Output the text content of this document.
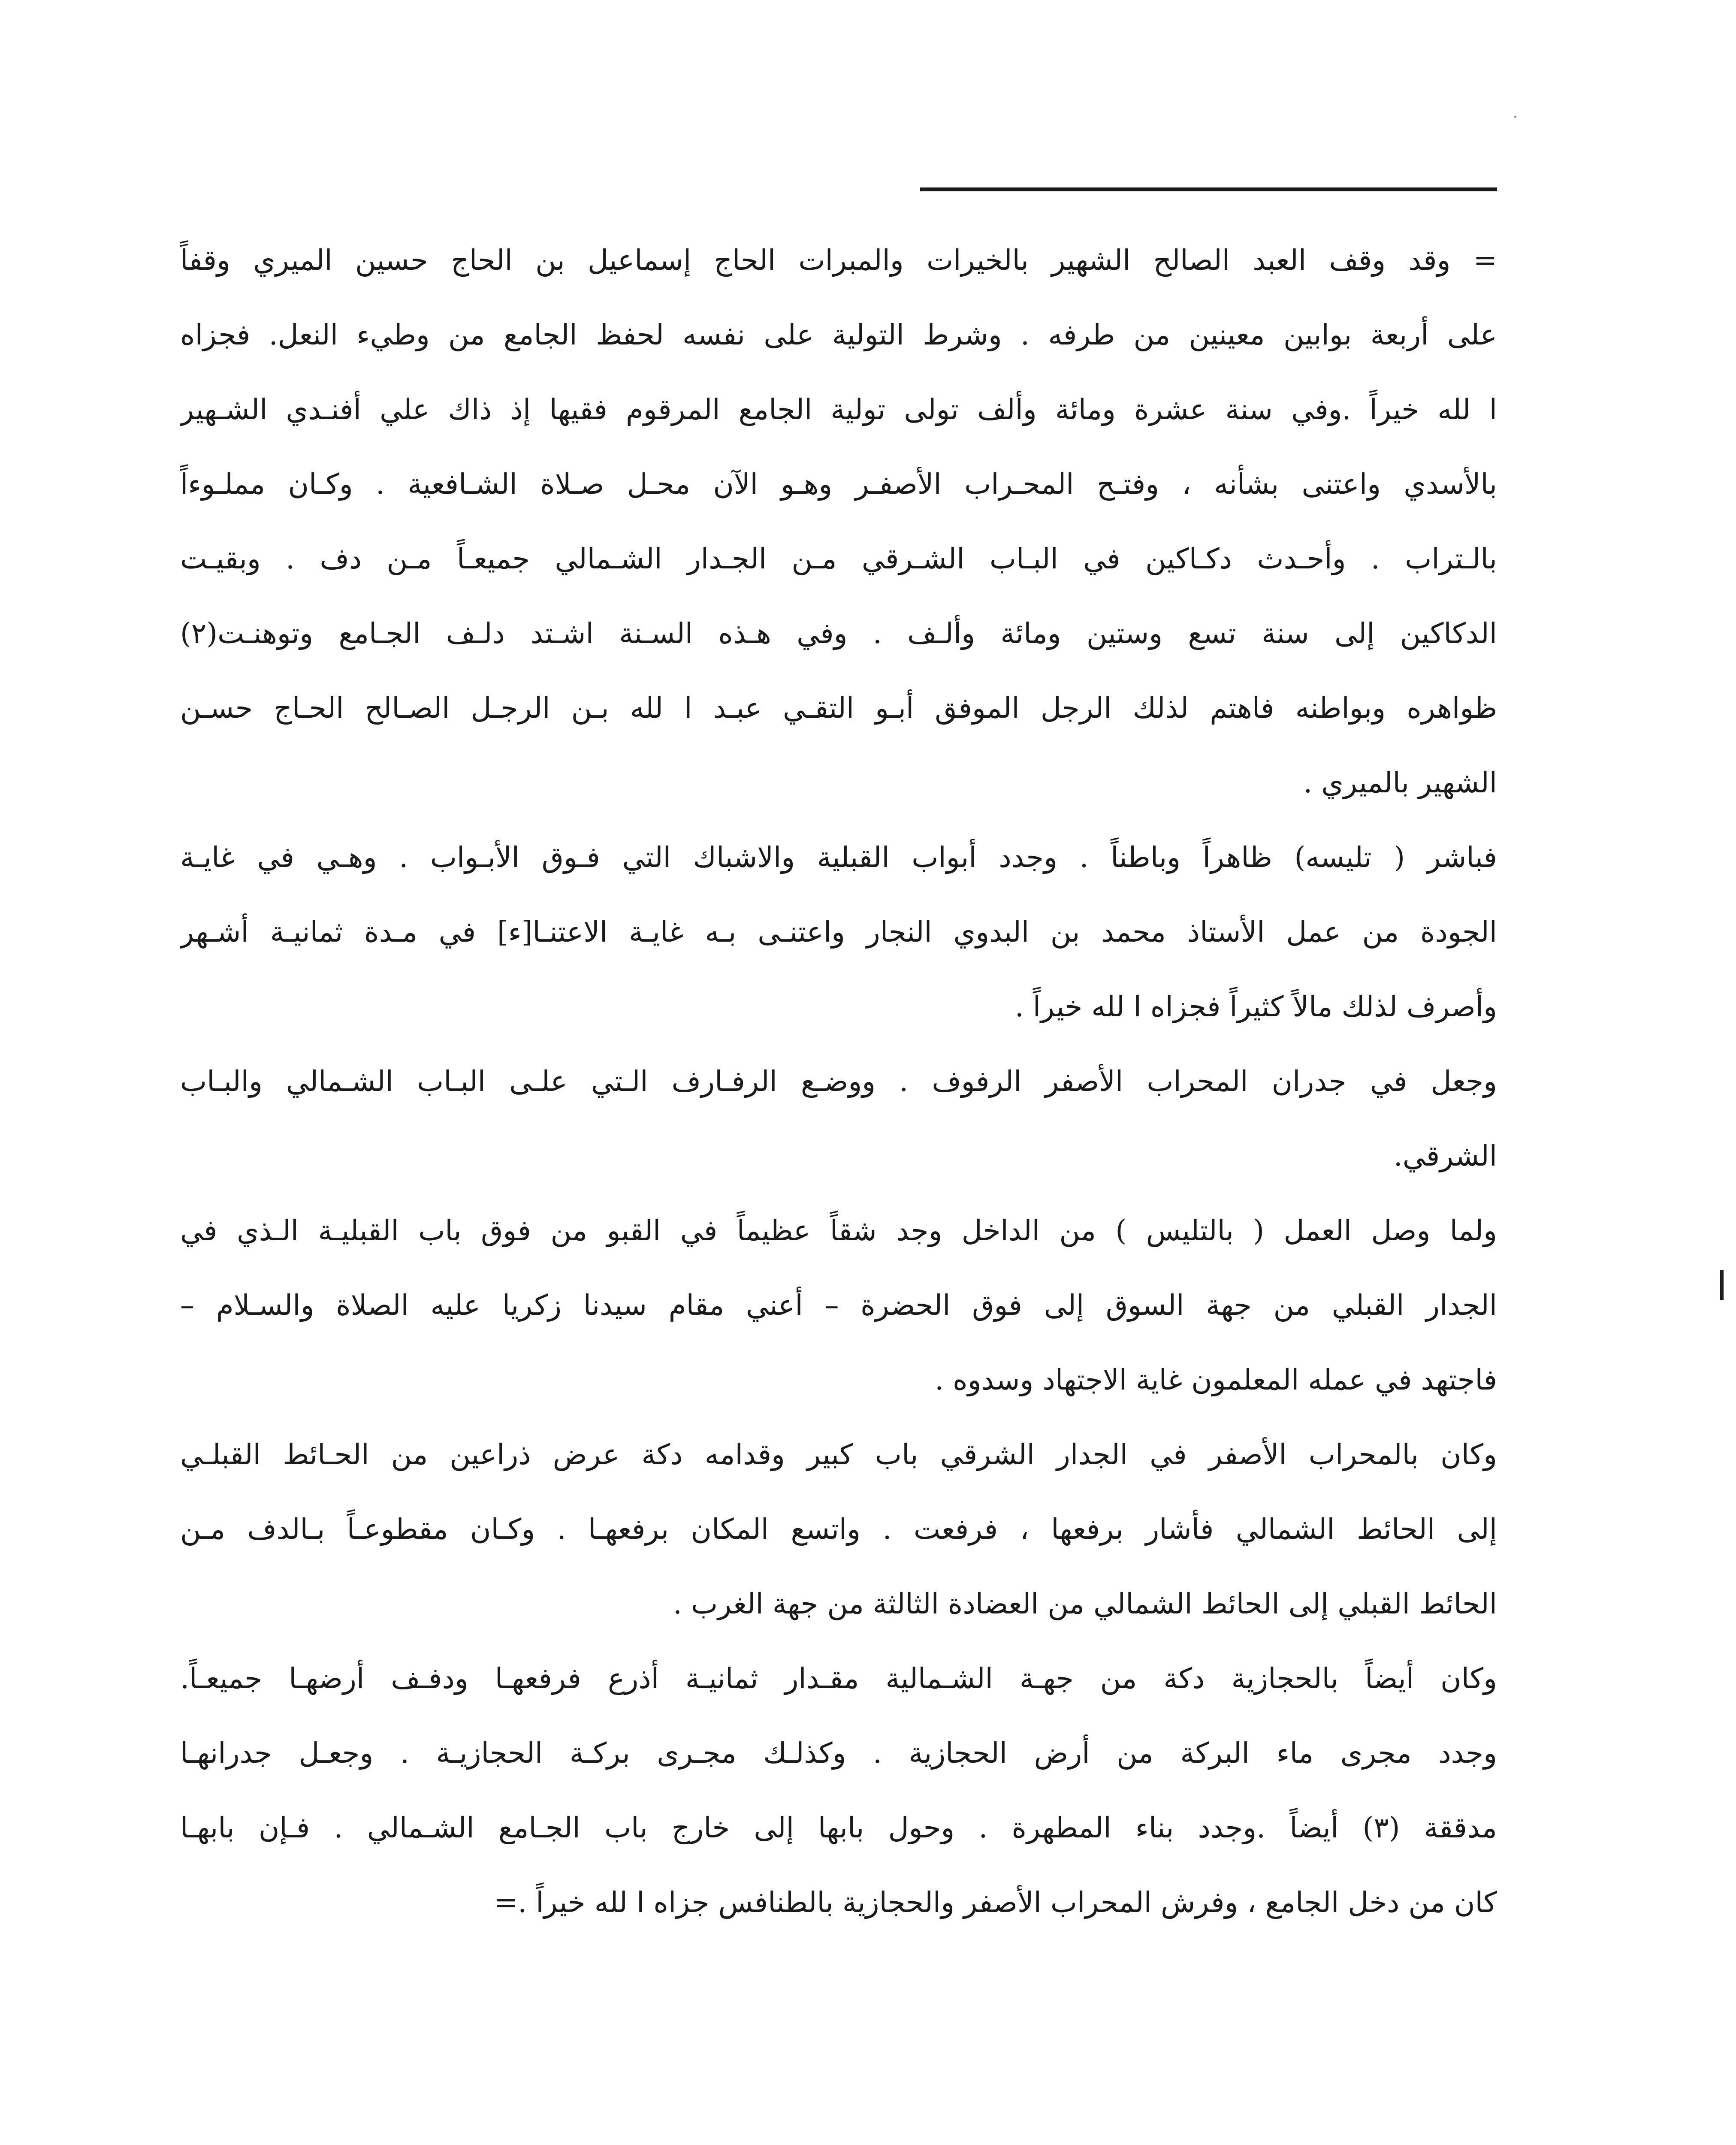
= وقد وقف العبد الصالح الشهير بالخيرات والمبرات الحاج إسماعيل بن الحاج حسين الميري وقفاً
على أربعة بوابين معينين من طرفه . وشرط التولية على نفسه لحفظ الجامع من وطيء النعل. فجزاه
ا لله خيراً .وفي سنة عشرة ومائة وألف تولى تولية الجامع المرقوم فقيها إذ ذاك علي أفنـدي الشـهير
بالأسدي واعتنى بشأنه ، وفتـح المحـراب الأصفـر وهـو الآن محـل صـلاة الشـافعية . وكـان مملـوءاً
بالـتراب . وأحـدث دكـاكين في البـاب الشـرقي مـن الجـدار الشـمالي جميعـاً مـن دف . وبقيـت
الدكاكين إلى سنة تسع وستين ومائة وألـف . وفي هـذه السـنة اشـتد دلـف الجـامع وتوهنـت(٢)
ظواهره وبواطنه فاهتم لذلك الرجل الموفق أبـو التقـي عبـد ا لله بـن الرجـل الصـالح الحـاج حسـن
الشهير بالميري .
فباشر ( تليسه) ظاهراً وباطناً . وجدد أبواب القبلية والاشباك التي فـوق الأبـواب . وهـي في غايـة
الجودة من عمل الأستاذ محمد بن البدوي النجار واعتنـى بـه غايـة الاعتنـا[ء] في مـدة ثمانيـة أشـهر
وأصرف لذلك مالاً كثيراً فجزاه ا لله خيراً .
وجعل في جدران المحراب الأصفر الرفوف . ووضـع الرفـارف الـتي علـى البـاب الشـمالي والبـاب
الشرقي.
ولما وصل العمل ( بالتليس ) من الداخل وجد شقاً عظيماً في القبو من فوق باب القبليـة الـذي في
الجدار القبلي من جهة السوق إلى فوق الحضرة – أعني مقام سيدنا زكريا عليه الصلاة والسـلام –
فاجتهد في عمله المعلمون غاية الاجتهاد وسدوه .
وكان بالمحراب الأصفر في الجدار الشرقي باب كبير وقدامه دكة عرض ذراعين من الحـائط القبلـي
إلى الحائط الشمالي فأشار برفعها ، فرفعت . واتسع المكان برفعهـا . وكـان مقطوعـاً بـالدف مـن
الحائط القبلي إلى الحائط الشمالي من العضادة الثالثة من جهة الغرب .
وكان أيضاً بالحجازية دكة من جهـة الشـمالية مقـدار ثمانيـة أذرع فرفعهـا ودفـف أرضهـا جميعـاً.
وجدد مجرى ماء البركة من أرض الحجازية . وكذلـك مجـرى بركـة الحجازيـة . وجعـل جدرانهـا
مدققة (٣) أيضاً .وجدد بناء المطهرة . وحول بابها إلى خارج باب الجـامع الشـمالي . فـإن بابهـا
كان من دخل الجامع ، وفرش المحراب الأصفر والحجازية بالطنافس جزاه ا لله خيراً .=
